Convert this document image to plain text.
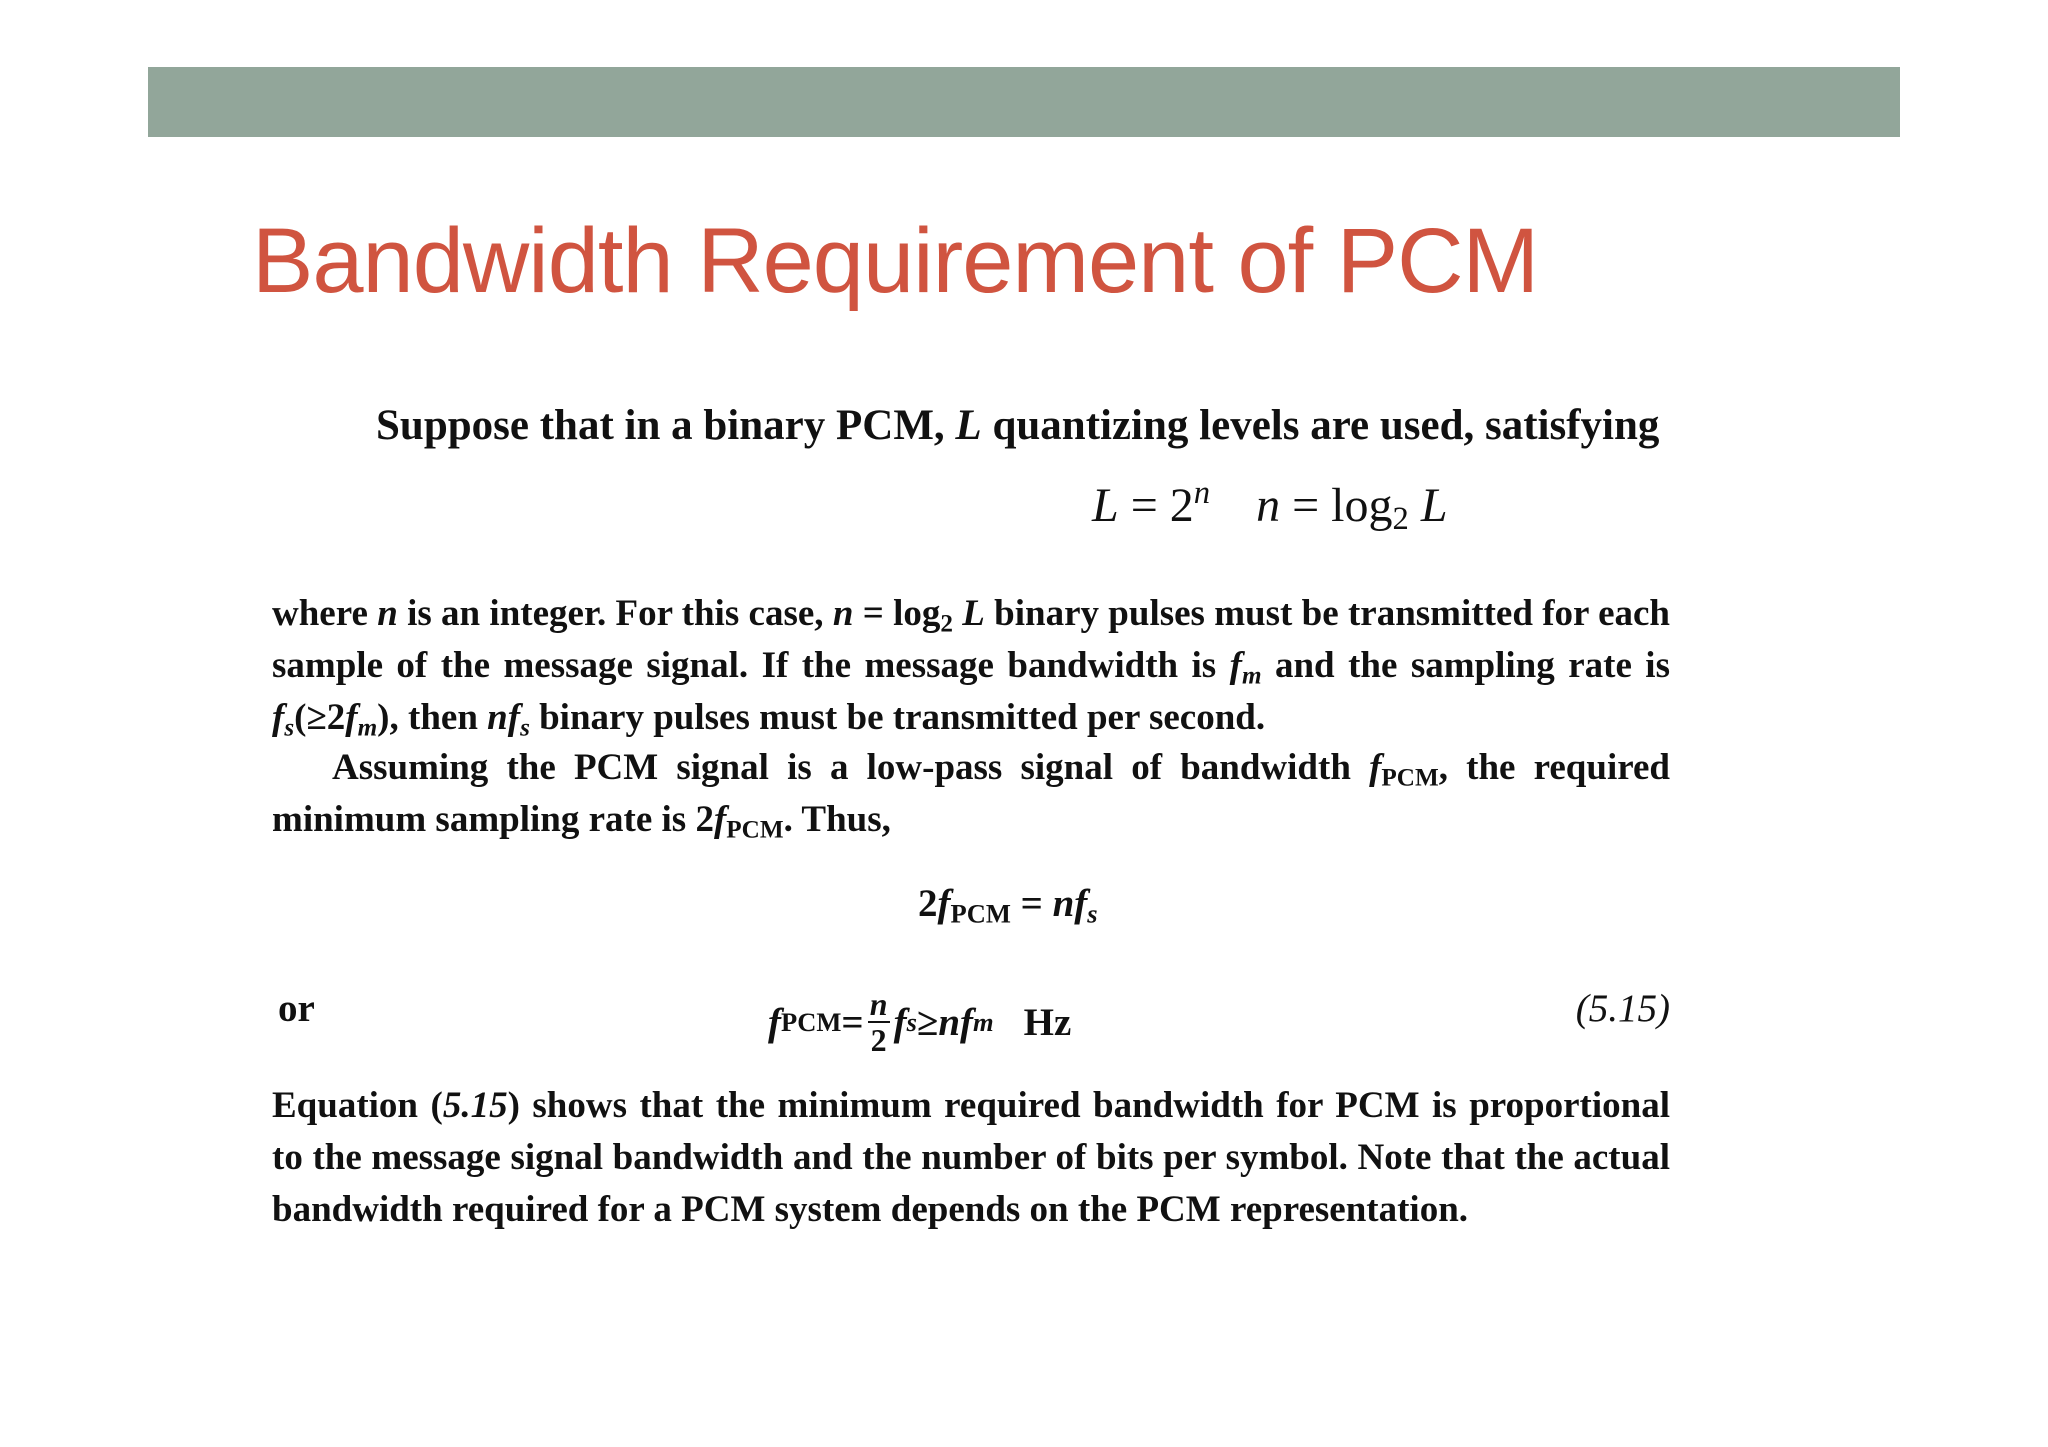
Bandwidth Requirement of PCM
Suppose that in a binary PCM, L quantizing levels are used, satisfying
$L = 2^n$ $n = \log_2 L$
where n is an integer. For this case, $n = \log_2 L$ binary pulses must be transmitted for each sample of the message signal. If the message bandwidth is $f_m$ and the sampling rate is $f_s(\ge 2f_m)$, then $nf_s$ binary pulses must be transmitted per second.
Assuming the PCM signal is a low-pass signal of bandwidth $f_{PCM}$, the required minimum sampling rate is $2f_{PCM}$. Thus,
$2f_{PCM} = nf_s$
or	f PCM = $\frac{n}{2}$ f s ≥ nf m Hz	(5.15)
Equation (5.15) shows that the minimum required bandwidth for PCM is proportional to the message signal bandwidth and the number of bits per symbol. Note that the actual bandwidth required for a PCM system depends on the PCM representation.
